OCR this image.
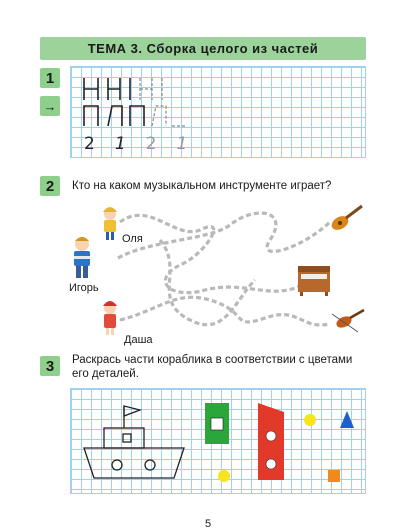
ТЕМА 3. Сборка целого из частей
1
→
2 1 2 1
2 Кто на каком музыкальном инструменте играет?
Оля
Игорь
Даша
3 Раскрась части кораблика в соответствии с цветами
его деталей.
5
